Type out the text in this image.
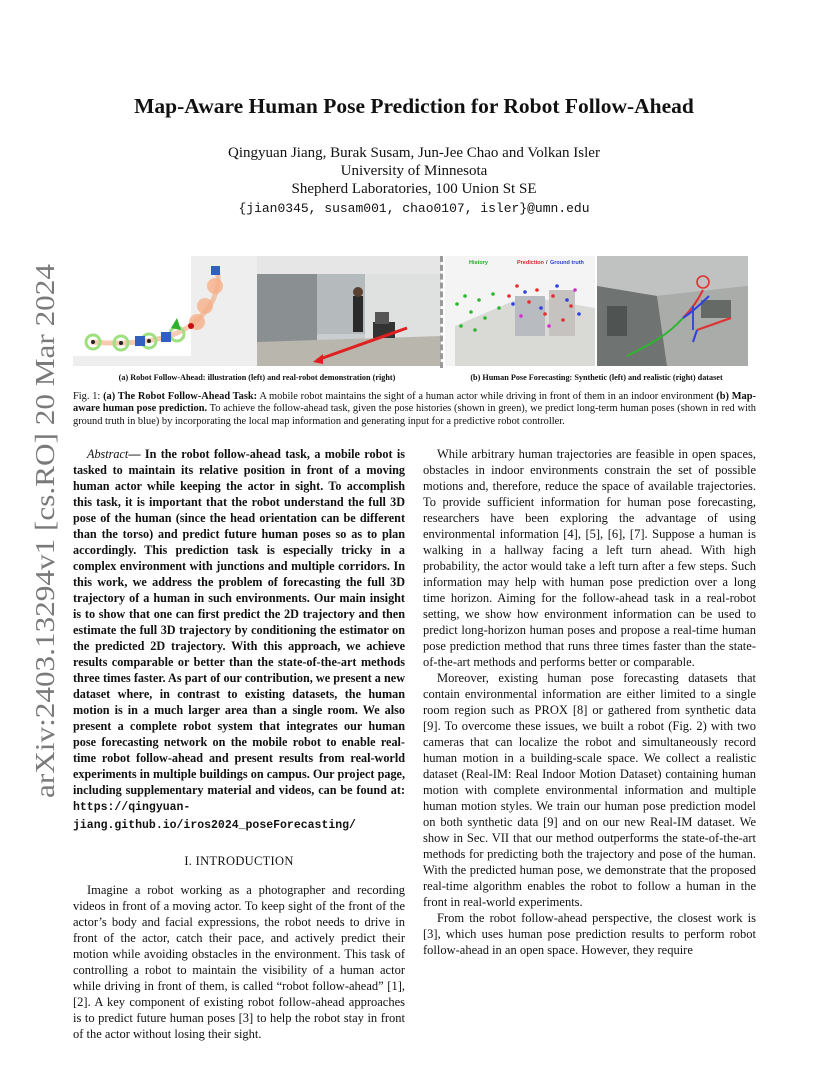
arXiv:2403.13294v1 [cs.RO] 20 Mar 2024
Map-Aware Human Pose Prediction for Robot Follow-Ahead
Qingyuan Jiang, Burak Susam, Jun-Jee Chao and Volkan Isler
University of Minnesota
Shepherd Laboratories, 100 Union St SE
{jian0345, susam001, chao0107, isler}@umn.edu
History	Prediction / Ground truth
(a) Robot Follow-Ahead: illustration (left) and real-robot demonstration (right)	(b) Human Pose Forecasting: Synthetic (left) and realistic (right) dataset
Fig. 1: (a) The Robot Follow-Ahead Task: A mobile robot maintains the sight of a human actor while driving in front of them in an indoor environment (b) Map-aware human pose prediction. To achieve the follow-ahead task, given the pose histories (shown in green), we predict long-term human poses (shown in red with ground truth in blue) by incorporating the local map information and generating input for a predictive robot controller.

Abstract— In the robot follow-ahead task, a mobile robot is tasked to maintain its relative position in front of a moving human actor while keeping the actor in sight. To accomplish this task, it is important that the robot understand the full 3D pose of the human (since the head orientation can be different than the torso) and predict future human poses so as to plan accordingly. This prediction task is especially tricky in a complex environment with junctions and multiple corridors. In this work, we address the problem of forecasting the full 3D trajectory of a human in such environments. Our main insight is to show that one can first predict the 2D trajectory and then estimate the full 3D trajectory by conditioning the estimator on the predicted 2D trajectory. With this approach, we achieve results comparable or better than the state-of-the-art methods three times faster. As part of our contribution, we present a new dataset where, in contrast to existing datasets, the human motion is in a much larger area than a single room. We also present a complete robot system that integrates our human pose forecasting network on the mobile robot to enable real-time robot follow-ahead and present results from real-world experiments in multiple buildings on campus. Our project page, including supplementary material and videos, can be found at: https://qingyuan-jiang.github.io/iros2024_poseForecasting/

I. INTRODUCTION

Imagine a robot working as a photographer and recording videos in front of a moving actor. To keep sight of the front of the actor’s body and facial expressions, the robot needs to drive in front of the actor, catch their pace, and actively predict their motion while avoiding obstacles in the environment. This task of controlling a robot to maintain the visibility of a human actor while driving in front of them, is called “robot follow-ahead” [1], [2]. A key component of existing robot follow-ahead approaches is to predict future human poses [3] to help the robot stay in front of the actor without losing their sight.

While arbitrary human trajectories are feasible in open spaces, obstacles in indoor environments constrain the set of possible motions and, therefore, reduce the space of available trajectories. To provide sufficient information for human pose forecasting, researchers have been exploring the advantage of using environmental information [4], [5], [6], [7]. Suppose a human is walking in a hallway facing a left turn ahead. With high probability, the actor would take a left turn after a few steps. Such information may help with human pose prediction over a long time horizon. Aiming for the follow-ahead task in a real-robot setting, we show how environment information can be used to predict long-horizon human poses and propose a real-time human pose prediction method that runs three times faster than the state-of-the-art methods and performs better or comparable.

Moreover, existing human pose forecasting datasets that contain environmental information are either limited to a single room region such as PROX [8] or gathered from synthetic data [9]. To overcome these issues, we built a robot (Fig. 2) with two cameras that can localize the robot and simultaneously record human motion in a building-scale space. We collect a realistic dataset (Real-IM: Real Indoor Motion Dataset) containing human motion with complete environmental information and multiple human motion styles. We train our human pose prediction model on both synthetic data [9] and on our new Real-IM dataset. We show in Sec. VII that our method outperforms the state-of-the-art methods for predicting both the trajectory and pose of the human. With the predicted human pose, we demonstrate that the proposed real-time algorithm enables the robot to follow a human in the front in real-world experiments.

From the robot follow-ahead perspective, the closest work is [3], which uses human pose prediction results to perform robot follow-ahead in an open space. However, they require
